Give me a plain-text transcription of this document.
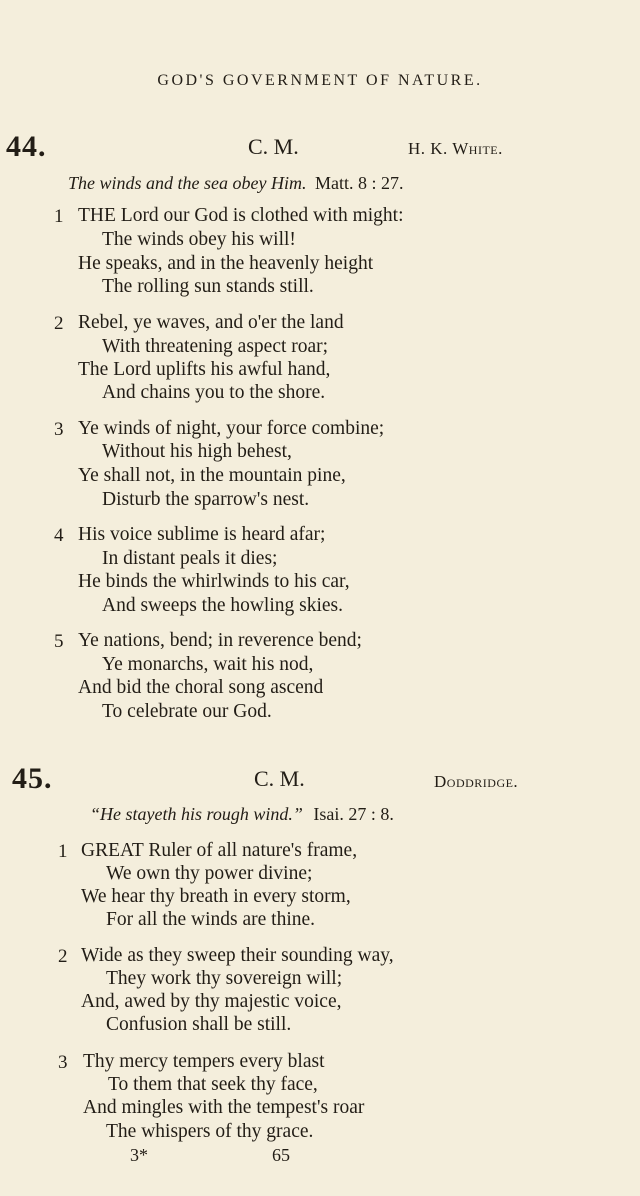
GOD'S GOVERNMENT OF NATURE.
44.	C. M.	H. K. White.
The winds and the sea obey Him. Matt. 8 : 27.
1 THE Lord our God is clothed with might:
The winds obey his will!
He speaks, and in the heavenly height
The rolling sun stands still.
2 Rebel, ye waves, and o'er the land
With threatening aspect roar;
The Lord uplifts his awful hand,
And chains you to the shore.
3 Ye winds of night, your force combine;
Without his high behest,
Ye shall not, in the mountain pine,
Disturb the sparrow's nest.
4 His voice sublime is heard afar;
In distant peals it dies;
He binds the whirlwinds to his car,
And sweeps the howling skies.
5 Ye nations, bend; in reverence bend;
Ye monarchs, wait his nod,
And bid the choral song ascend
To celebrate our God.
45.	C. M.	Doddridge.
“He stayeth his rough wind.” Isai. 27 : 8.
1 GREAT Ruler of all nature's frame,
We own thy power divine;
We hear thy breath in every storm,
For all the winds are thine.
2 Wide as they sweep their sounding way,
They work thy sovereign will;
And, awed by thy majestic voice,
Confusion shall be still.
3 Thy mercy tempers every blast
To them that seek thy face,
And mingles with the tempest's roar
The whispers of thy grace.
3*	65
